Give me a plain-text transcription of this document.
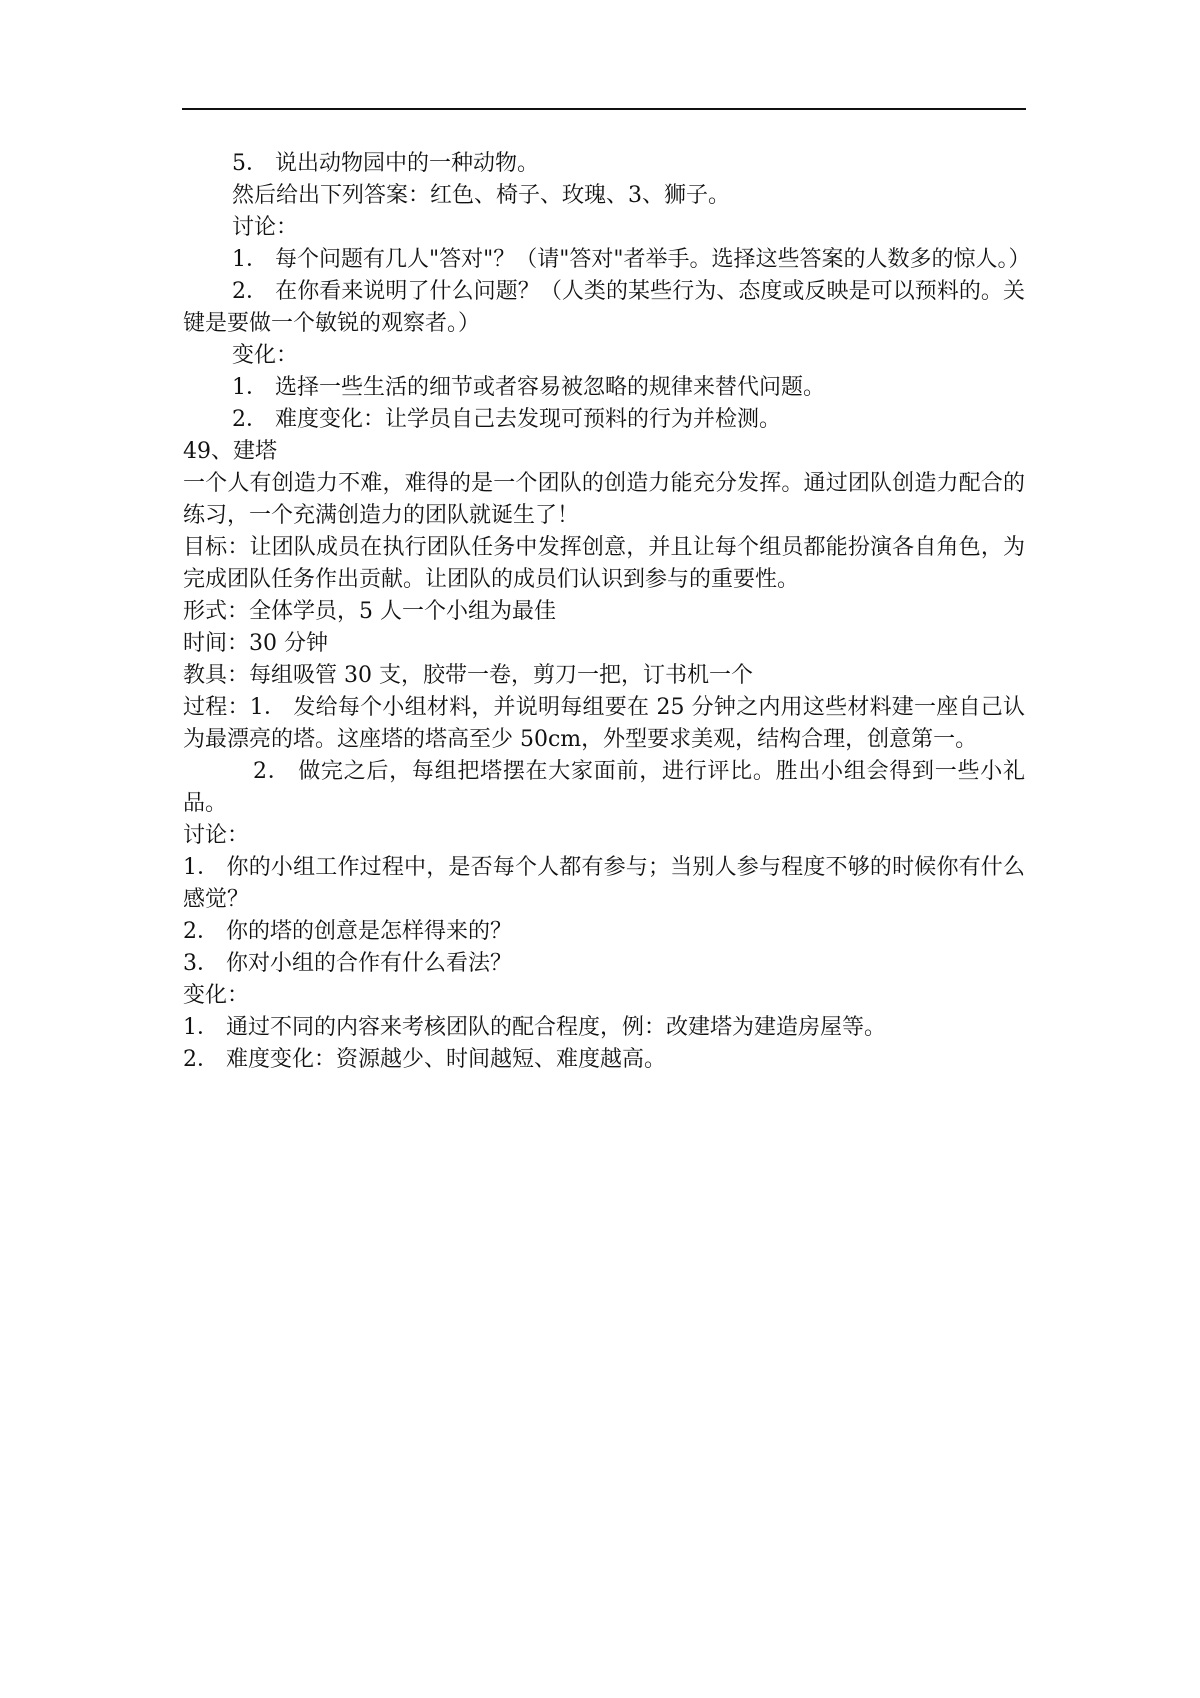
5． 说出动物园中的一种动物。

然后给出下列答案：红色、椅子、玫瑰、3、狮子。

讨论：

1． 每个问题有几人"答对"？（请"答对"者举手。选择这些答案的人数多的惊人。）

2． 在你看来说明了什么问题？（人类的某些行为、态度或反映是可以预料的。关键是要做一个敏锐的观察者。）

变化：

1． 选择一些生活的细节或者容易被忽略的规律来替代问题。

2． 难度变化：让学员自己去发现可预料的行为并检测。

49、建塔

一个人有创造力不难，难得的是一个团队的创造力能充分发挥。通过团队创造力配合的练习，一个充满创造力的团队就诞生了！

目标：让团队成员在执行团队任务中发挥创意，并且让每个组员都能扮演各自角色，为完成团队任务作出贡献。让团队的成员们认识到参与的重要性。

形式：全体学员，5 人一个小组为最佳

时间：30 分钟

教具：每组吸管 30 支，胶带一卷，剪刀一把，订书机一个

过程：1． 发给每个小组材料，并说明每组要在 25 分钟之内用这些材料建一座自己认为最漂亮的塔。这座塔的塔高至少 50cm，外型要求美观，结构合理，创意第一。

2． 做完之后，每组把塔摆在大家面前，进行评比。胜出小组会得到一些小礼品。

讨论：

1． 你的小组工作过程中，是否每个人都有参与；当别人参与程度不够的时候你有什么感觉？

2． 你的塔的创意是怎样得来的？

3． 你对小组的合作有什么看法？

变化：

1． 通过不同的内容来考核团队的配合程度，例：改建塔为建造房屋等。

2． 难度变化：资源越少、时间越短、难度越高。
